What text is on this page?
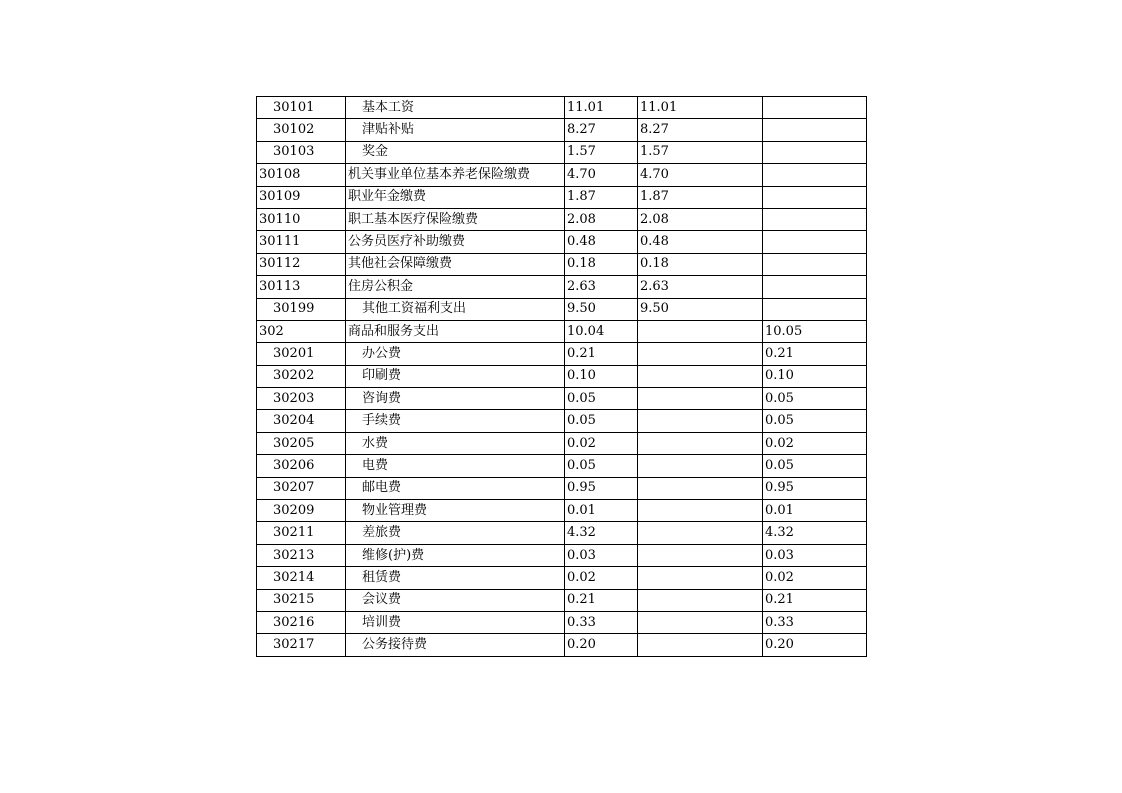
30101	基本工资	11.01	11.01	
30102	津贴补贴	8.27	8.27	
30103	奖金	1.57	1.57	
30108	机关事业单位基本养老保险缴费	4.70	4.70	
30109	职业年金缴费	1.87	1.87	
30110	职工基本医疗保险缴费	2.08	2.08	
30111	公务员医疗补助缴费	0.48	0.48	
30112	其他社会保障缴费	0.18	0.18	
30113	住房公积金	2.63	2.63	
30199	其他工资福利支出	9.50	9.50	
302	商品和服务支出	10.04		10.05
30201	办公费	0.21		0.21
30202	印刷费	0.10		0.10
30203	咨询费	0.05		0.05
30204	手续费	0.05		0.05
30205	水费	0.02		0.02
30206	电费	0.05		0.05
30207	邮电费	0.95		0.95
30209	物业管理费	0.01		0.01
30211	差旅费	4.32		4.32
30213	维修(护)费	0.03		0.03
30214	租赁费	0.02		0.02
30215	会议费	0.21		0.21
30216	培训费	0.33		0.33
30217	公务接待费	0.20		0.20
